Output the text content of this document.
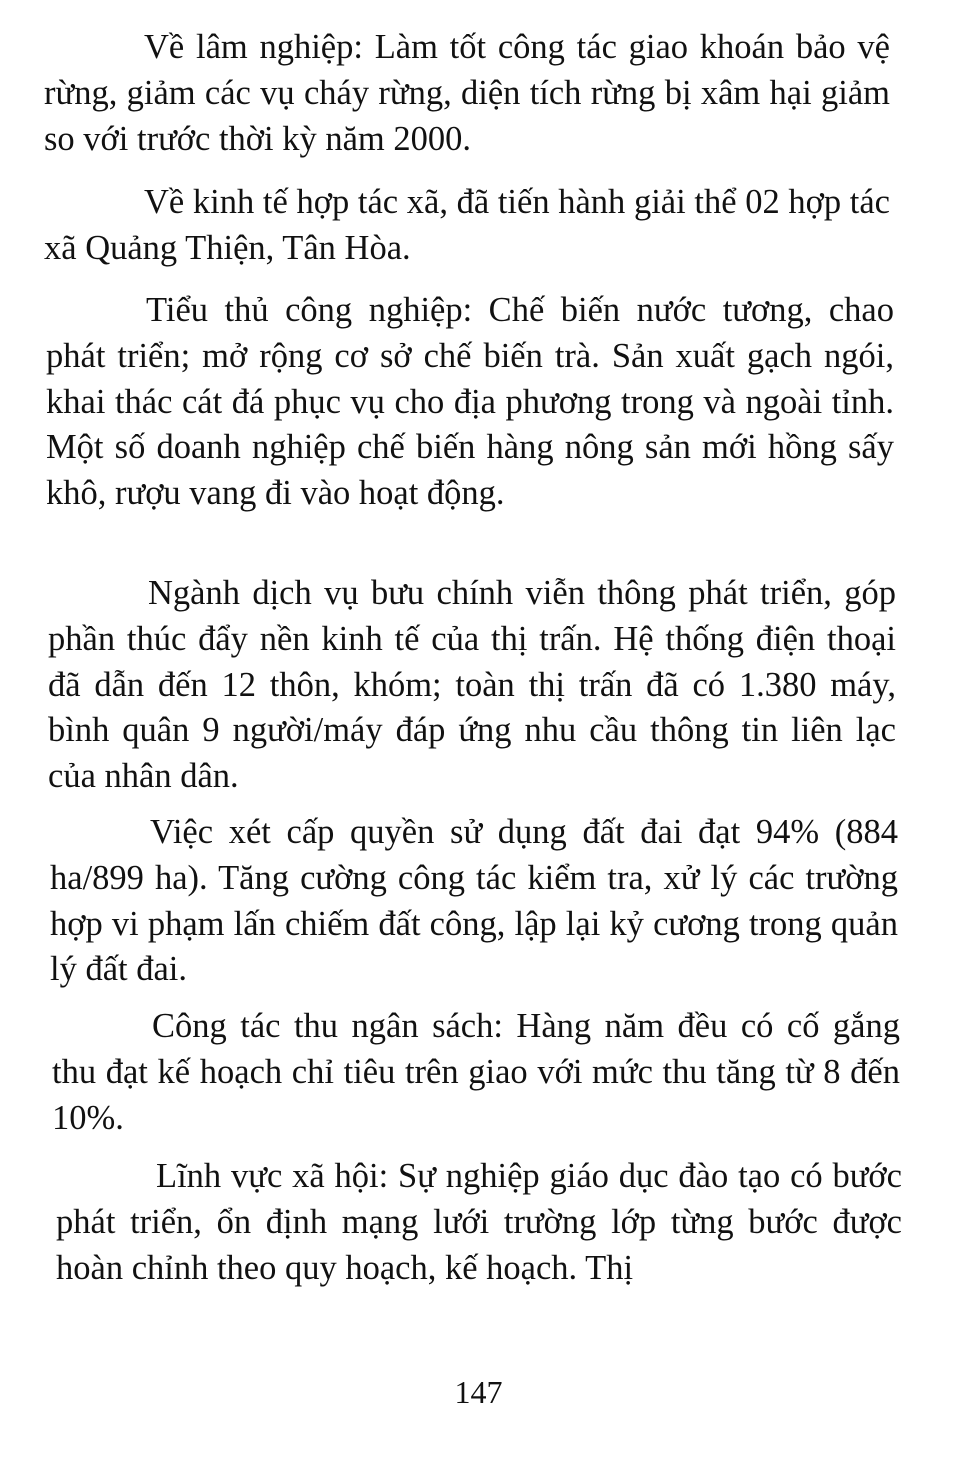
Về lâm nghiệp: Làm tốt công tác giao khoán bảo vệ rừng, giảm các vụ cháy rừng, diện tích rừng bị xâm hại giảm so với trước thời kỳ năm 2000.

Về kinh tế hợp tác xã, đã tiến hành giải thể 02 hợp tác xã Quảng Thiện, Tân Hòa.

Tiểu thủ công nghiệp: Chế biến nước tương, chao phát triển; mở rộng cơ sở chế biến trà. Sản xuất gạch ngói, khai thác cát đá phục vụ cho địa phương trong và ngoài tỉnh. Một số doanh nghiệp chế biến hàng nông sản mới hồng sấy khô, rượu vang đi vào hoạt động.

Ngành dịch vụ bưu chính viễn thông phát triển, góp phần thúc đẩy nền kinh tế của thị trấn. Hệ thống điện thoại đã dẫn đến 12 thôn, khóm; toàn thị trấn đã có 1.380 máy, bình quân 9 người/máy đáp ứng nhu cầu thông tin liên lạc của nhân dân.

Việc xét cấp quyền sử dụng đất đai đạt 94% (884 ha/899 ha). Tăng cường công tác kiểm tra, xử lý các trường hợp vi phạm lấn chiếm đất công, lập lại kỷ cương trong quản lý đất đai.

Công tác thu ngân sách: Hàng năm đều có cố gắng thu đạt kế hoạch chỉ tiêu trên giao với mức thu tăng từ 8 đến 10%.

Lĩnh vực xã hội: Sự nghiệp giáo dục đào tạo có bước phát triển, ổn định mạng lưới trường lớp từng bước được hoàn chỉnh theo quy hoạch, kế hoạch. Thị

147
